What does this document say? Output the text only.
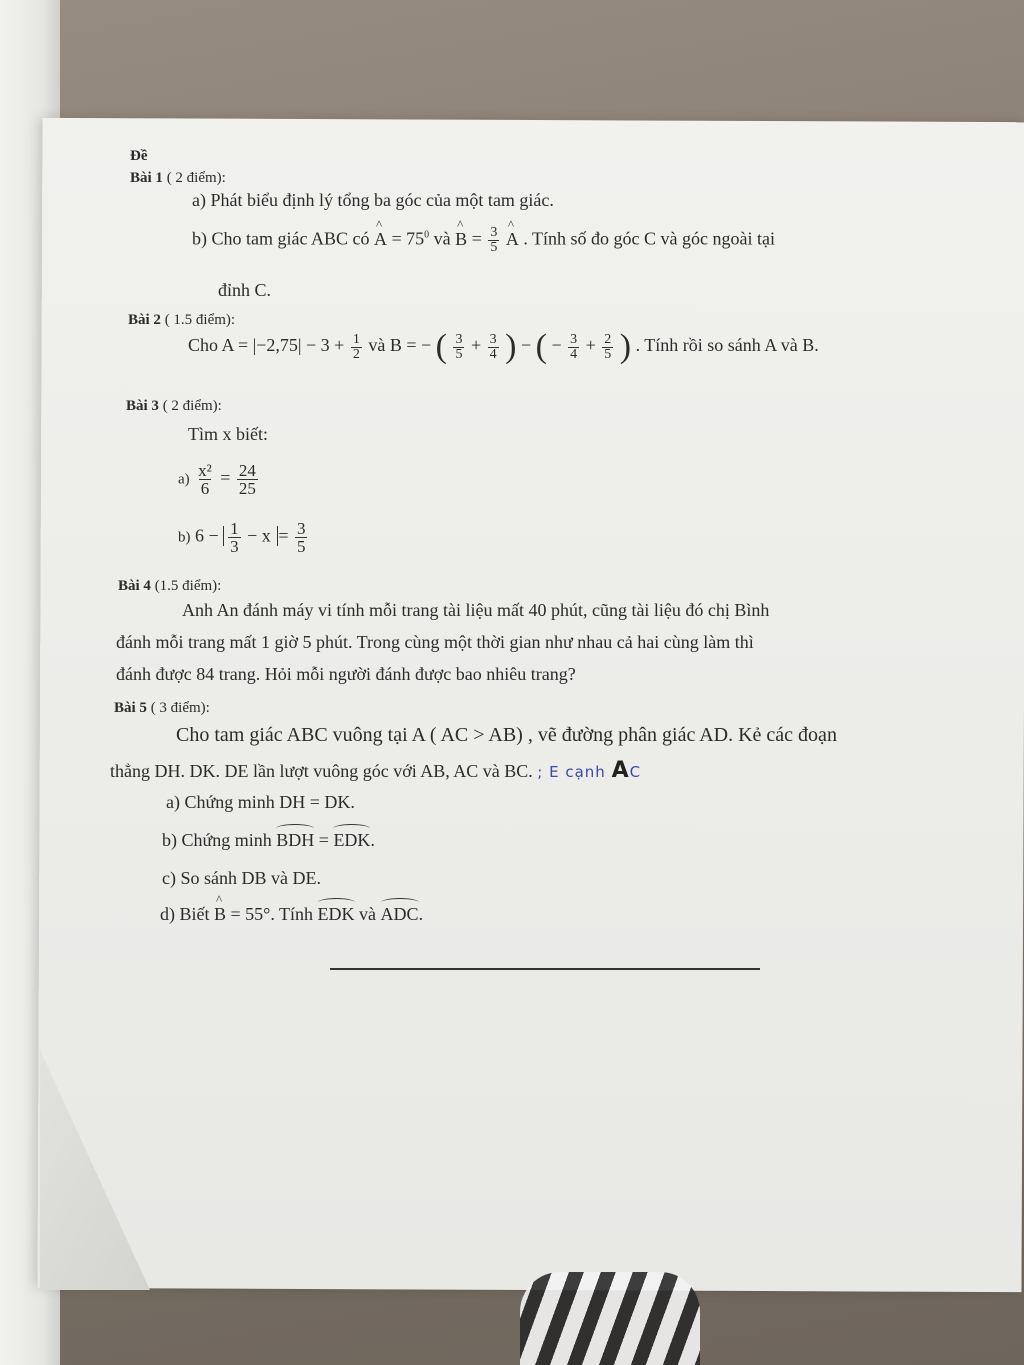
Đề
Bài 1 ( 2 điểm):
a) Phát biểu định lý tổng ba góc của một tam giác.
b) Cho tam giác ABC có ^ $A = 75^0$ và ^ $B = \frac{3}{5}$ ^ A . Tính số đo góc C và góc ngoài tại
đỉnh C.
Bài 2 ( 1.5 điểm):
Cho $A = |-2,75| - 3 + \frac{1}{2}$ và B = − ( $\frac{3}{5} + \frac{3}{4}$ ) − ( − $\frac{3}{4} + \frac{2}{5}$ ) . Tính rồi so sánh A và B.
Bài 3 ( 2 điểm):
Tìm x biết:
$a) \frac{\text{x²}}{6} = \frac{24}{25}$
b) $6 - \frac{1}{3} - x = \frac{3}{5}$
Bài 4 (1.5 điểm):
Anh An đánh máy vi tính mỗi trang tài liệu mất 40 phút, cũng tài liệu đó chị Bình
đánh mỗi trang mất 1 giờ 5 phút. Trong cùng một thời gian như nhau cả hai cùng làm thì
đánh được 84 trang. Hỏi mỗi người đánh được bao nhiêu trang?
Bài 5 ( 3 điểm):
Cho tam giác ABC vuông tại A ( AC > AB) , vẽ đường phân giác AD. Kẻ các đoạn
thẳng DH. DK. DE lần lượt vuông góc với AB, AC và BC. ; E cạnh AC
a) Chứng minh DH = DK.
b) Chứng minh BDH = EDK.
c) So sánh DB và DE.
d) Biết ^ B = 55°. Tính EDK và ADC.
